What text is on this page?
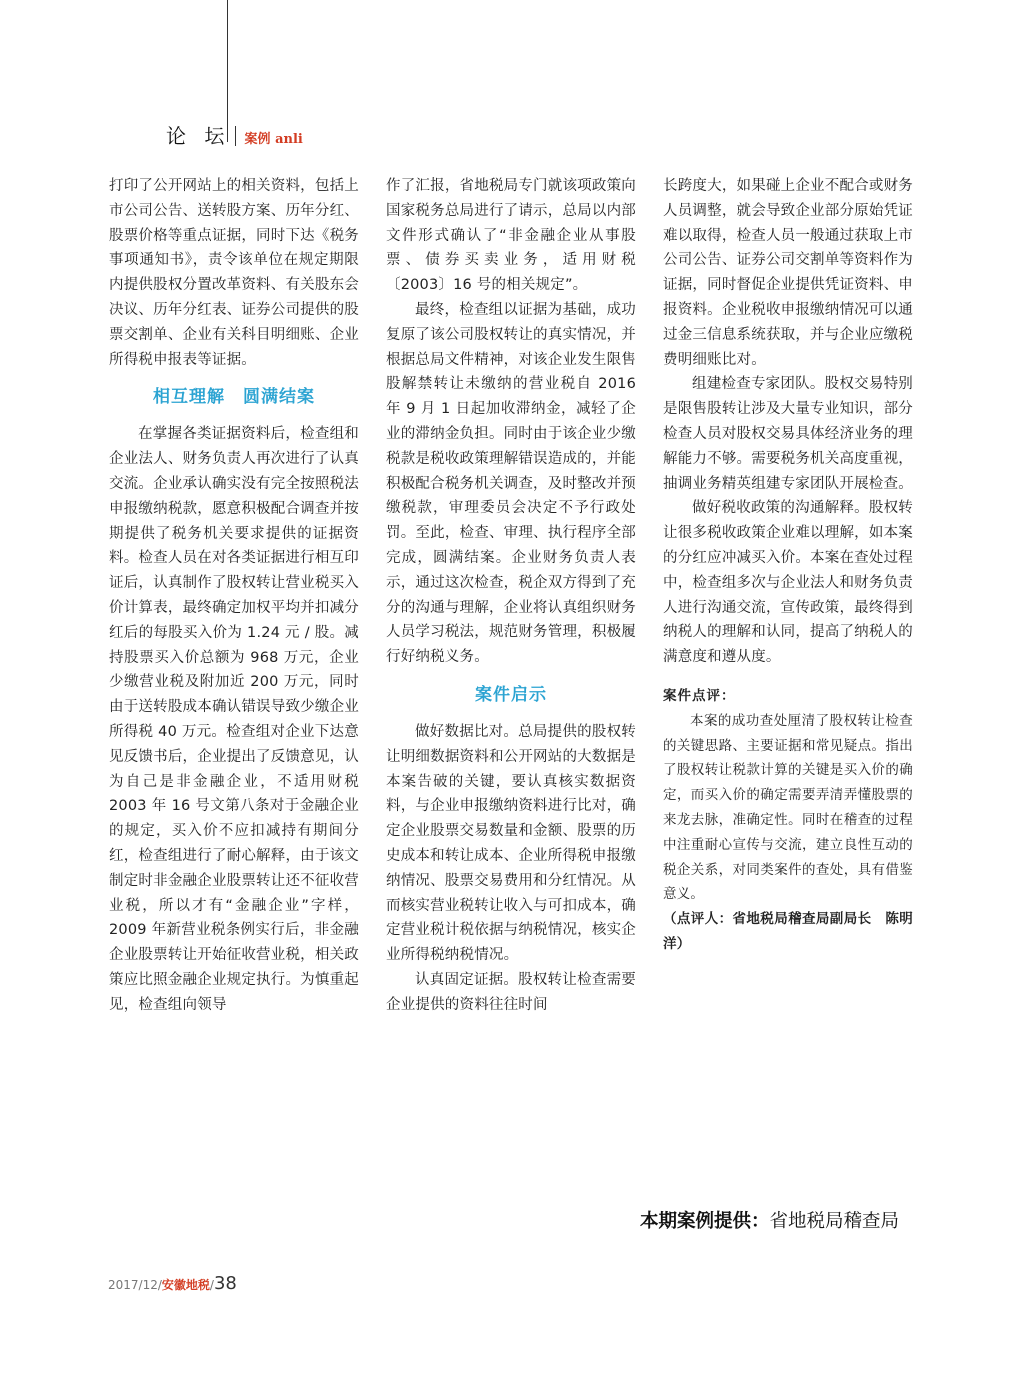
论 坛 案例 anli

打印了公开网站上的相关资料，包括上市公司公告、送转股方案、历年分红、股票价格等重点证据，同时下达《税务事项通知书》，责令该单位在规定期限内提供股权分置改革资料、有关股东会决议、历年分红表、证券公司提供的股票交割单、企业有关科目明细账、企业所得税申报表等证据。

相互理解　圆满结案

在掌握各类证据资料后，检查组和企业法人、财务负责人再次进行了认真交流。企业承认确实没有完全按照税法申报缴纳税款，愿意积极配合调查并按期提供了税务机关要求提供的证据资料。检查人员在对各类证据进行相互印证后，认真制作了股权转让营业税买入价计算表，最终确定加权平均并扣减分红后的每股买入价为 1.24 元 / 股。减持股票买入价总额为 968 万元，企业少缴营业税及附加近 200 万元，同时由于送转股成本确认错误导致少缴企业所得税 40 万元。检查组对企业下达意见反馈书后，企业提出了反馈意见，认为自己是非金融企业，不适用财税 2003 年 16 号文第八条对于金融企业的规定，买入价不应扣减持有期间分红，检查组进行了耐心解释，由于该文制定时非金融企业股票转让还不征收营业税，所以才有“金融企业”字样，2009 年新营业税条例实行后，非金融企业股票转让开始征收营业税，相关政策应比照金融企业规定执行。为慎重起见，检查组向领导

作了汇报，省地税局专门就该项政策向国家税务总局进行了请示，总局以内部文件形式确认了“非金融企业从事股票、债券买卖业务，适用财税〔2003〕16 号的相关规定”。

最终，检查组以证据为基础，成功复原了该公司股权转让的真实情况，并根据总局文件精神，对该企业发生限售股解禁转让未缴纳的营业税自 2016 年 9 月 1 日起加收滞纳金，减轻了企业的滞纳金负担。同时由于该企业少缴税款是税收政策理解错误造成的，并能积极配合税务机关调查，及时整改并预缴税款，审理委员会决定不予行政处罚。至此，检查、审理、执行程序全部完成，圆满结案。企业财务负责人表示，通过这次检查，税企双方得到了充分的沟通与理解，企业将认真组织财务人员学习税法，规范财务管理，积极履行好纳税义务。

案件启示

做好数据比对。总局提供的股权转让明细数据资料和公开网站的大数据是本案告破的关键，要认真核实数据资料，与企业申报缴纳资料进行比对，确定企业股票交易数量和金额、股票的历史成本和转让成本、企业所得税申报缴纳情况、股票交易费用和分红情况。从而核实营业税转让收入与可扣成本，确定营业税计税依据与纳税情况，核实企业所得税纳税情况。

认真固定证据。股权转让检查需要企业提供的资料往往时间

长跨度大，如果碰上企业不配合或财务人员调整，就会导致企业部分原始凭证难以取得，检查人员一般通过获取上市公司公告、证券公司交割单等资料作为证据，同时督促企业提供凭证资料、申报资料。企业税收申报缴纳情况可以通过金三信息系统获取，并与企业应缴税费明细账比对。

组建检查专家团队。股权交易特别是限售股转让涉及大量专业知识，部分检查人员对股权交易具体经济业务的理解能力不够。需要税务机关高度重视，抽调业务精英组建专家团队开展检查。

做好税收政策的沟通解释。股权转让很多税收政策企业难以理解，如本案的分红应冲减买入价。本案在查处过程中，检查组多次与企业法人和财务负责人进行沟通交流，宣传政策，最终得到纳税人的理解和认同，提高了纳税人的满意度和遵从度。

案件点评：

本案的成功查处厘清了股权转让检查的关键思路、主要证据和常见疑点。指出了股权转让税款计算的关键是买入价的确定，而买入价的确定需要弄清弄懂股票的来龙去脉，准确定性。同时在稽查的过程中注重耐心宣传与交流，建立良性互动的税企关系，对同类案件的查处，具有借鉴意义。

（点评人：省地税局稽查局副局长　陈明洋）

本期案例提供：省地税局稽查局
2017/12/安徽地税/38
